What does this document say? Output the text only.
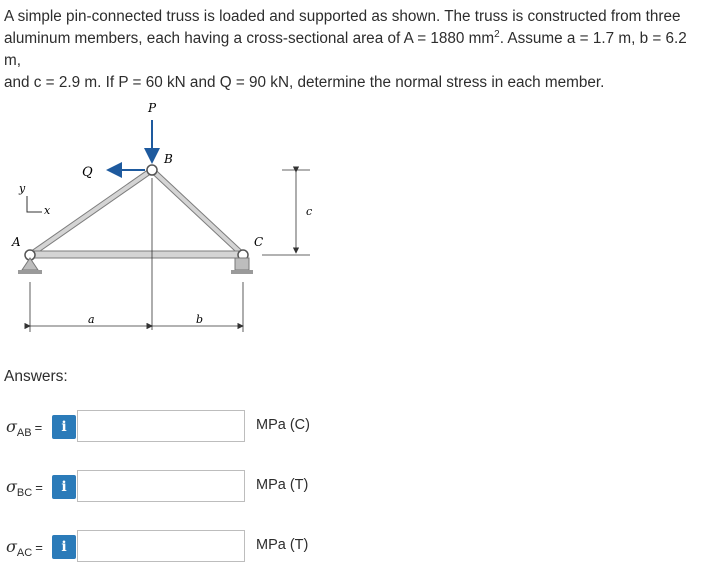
A simple pin-connected truss is loaded and supported as shown. The truss is constructed from three
aluminum members, each having a cross-sectional area of A = 1880 $mm^2$. Assume a = 1.7 m, b = 6.2 m,
and c = 2.9 m. If P = 60 kN and Q = 90 kN, determine the normal stress in each member.
P
Q
B
A	C
y
x
a	b
c
Answers:
$\sigma_{AB}$ =	i	MPa (C)
$\sigma_{BC}$ =	i	MPa (T)
$\sigma_{AC}$ =	i	MPa (T)
